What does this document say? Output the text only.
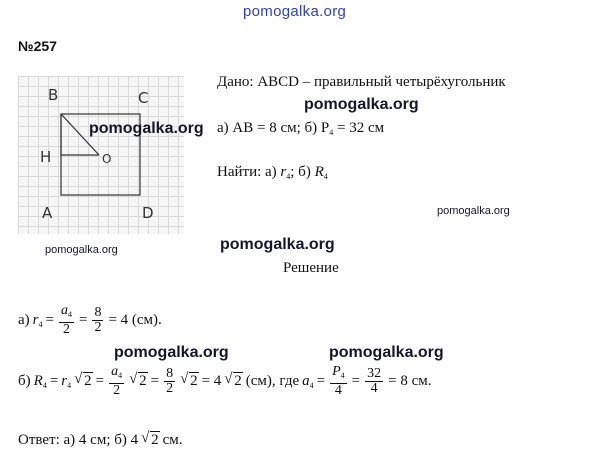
pomogalka.org
№257
B	C
H	O
A	D
pomogalka.org
pomogalka.org
Дано: ABCD – правильный четырёхугольник
pomogalka.org
а) AB = 8 см; б) $P_4 = 32$ см
Найти: а) $r_4$; б) $R_4$
pomogalka.org
pomogalka.org
Решение
а) $r_4 = \frac{a_4}{2} = \frac{8}{2} = 4$ (см).
pomogalka.org	pomogalka.org
б) $R_4 = r_4$ √ $2 = \frac{a_4}{2}$	√ $2 = \frac{8}{2}$	√ 2 = 4 √ 2 (см), где $a_4 = \frac{P_4}{4} = \frac{32}{4} = 8$ см.
Ответ: а) 4 см; б) 4 √ 2 см.
